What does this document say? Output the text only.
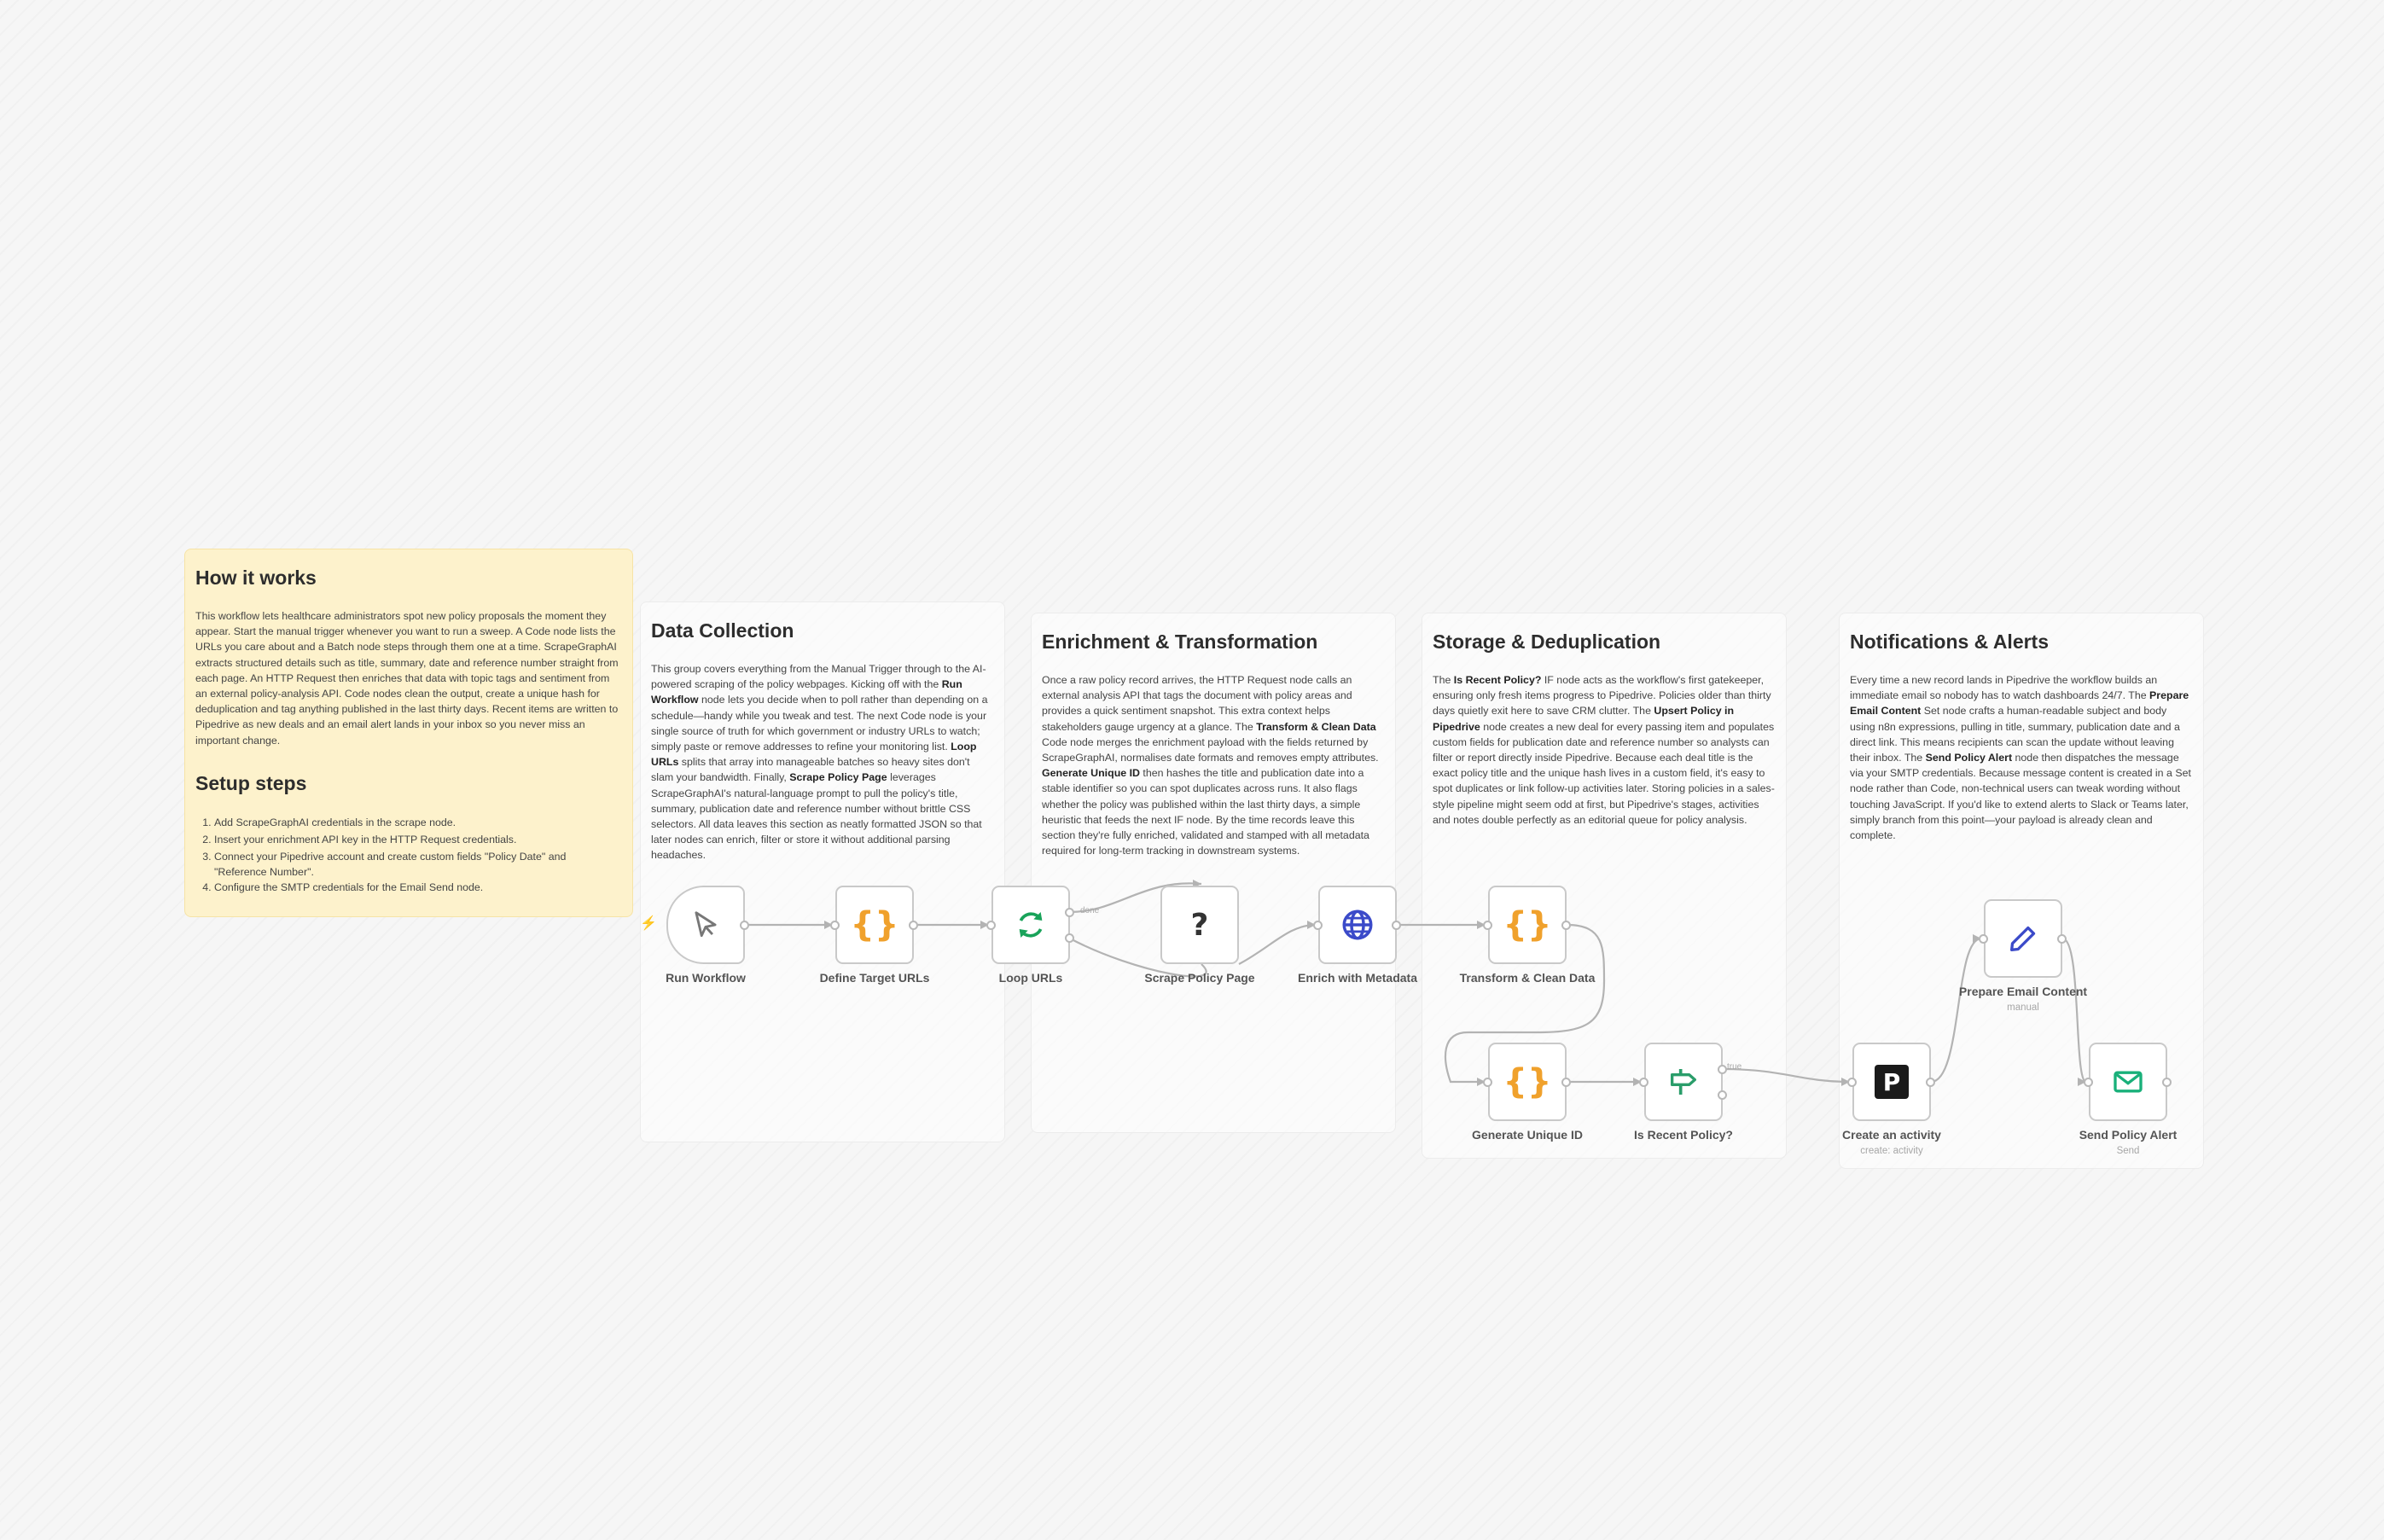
How it works

This workflow lets healthcare administrators spot new policy proposals the moment they appear. Start the manual trigger whenever you want to run a sweep. A Code node lists the URLs you care about and a Batch node steps through them one at a time. ScrapeGraphAI extracts structured details such as title, summary, date and reference number straight from each page. An HTTP Request then enriches that data with topic tags and sentiment from an external policy-analysis API. Code nodes clean the output, create a unique hash for deduplication and tag anything published in the last thirty days. Recent items are written to Pipedrive as new deals and an email alert lands in your inbox so you never miss an important change.

Setup steps
1. Add ScrapeGraphAI credentials in the scrape node.
2. Insert your enrichment API key in the HTTP Request credentials.
3. Connect your Pipedrive account and create custom fields "Policy Date" and
"Reference Number".
4. Configure the SMTP credentials for the Email Send node.
Data Collection

This group covers everything from the Manual Trigger through to the AI-powered scraping of the policy webpages. Kicking off with the Run Workflow node lets you decide when to poll rather than depending on a schedule—handy while you tweak and test. The next Code node is your single source of truth for which government or industry URLs to watch; simply paste or remove addresses to refine your monitoring list. Loop URLs splits that array into manageable batches so heavy sites don't slam your bandwidth. Finally, Scrape Policy Page leverages ScrapeGraphAI's natural-language prompt to pull the policy's title, summary, publication date and reference number without brittle CSS selectors. All data leaves this section as neatly formatted JSON so that later nodes can enrich, filter or store it without additional parsing headaches.

Enrichment & Transformation

Once a raw policy record arrives, the HTTP Request node calls an external analysis API that tags the document with policy areas and provides a quick sentiment snapshot. This extra context helps stakeholders gauge urgency at a glance. The Transform & Clean Data Code node merges the enrichment payload with the fields returned by ScrapeGraphAI, normalises date formats and removes empty attributes. Generate Unique ID then hashes the title and publication date into a stable identifier so you can spot duplicates across runs. It also flags whether the policy was published within the last thirty days, a simple heuristic that feeds the next IF node. By the time records leave this section they're fully enriched, validated and stamped with all metadata required for long-term tracking in downstream systems.

Storage & Deduplication

The Is Recent Policy? IF node acts as the workflow's first gatekeeper, ensuring only fresh items progress to Pipedrive. Policies older than thirty days quietly exit here to save CRM clutter. The Upsert Policy in Pipedrive node creates a new deal for every passing item and populates custom fields for publication date and reference number so analysts can filter or report directly inside Pipedrive. Because each deal title is the exact policy title and the unique hash lives in a custom field, it's easy to spot duplicates or link follow-up activities later. Storing policies in a sales-style pipeline might seem odd at first, but Pipedrive's stages, activities and notes double perfectly as an editorial queue for policy analysis.

Notifications & Alerts

Every time a new record lands in Pipedrive the workflow builds an immediate email so nobody has to watch dashboards 24/7. The Prepare Email Content Set node crafts a human-readable subject and body using n8n expressions, pulling in title, summary, publication date and a direct link. This means recipients can scan the update without leaving their inbox. The Send Policy Alert node then dispatches the message via your SMTP credentials. Because message content is created in a Set node rather than Code, non-technical users can tweak wording without touching JavaScript. If you'd like to extend alerts to Slack or Teams later, simply branch from this point—your payload is already clean and complete.

done
true
⚡
Run Workflow
{}
Define Target URLs	Loop URLs
?
Scrape Policy Page	Enrich with Metadata
{}
Transform & Clean Data
{}
Generate Unique ID	Is Recent Policy?
P
Create an activity
create: activity
Prepare Email Content
manual
Send Policy Alert
Send
